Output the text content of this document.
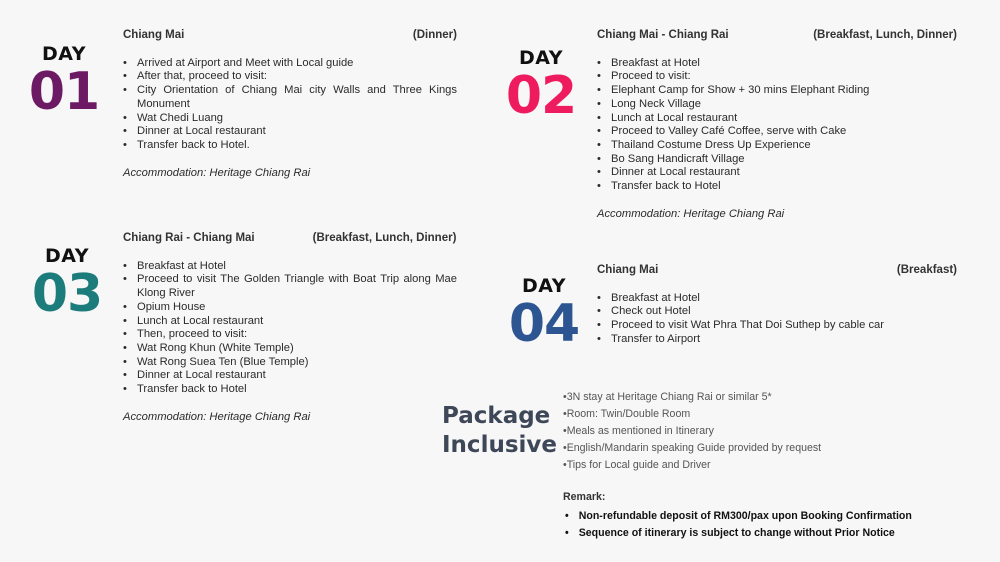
DAY
01
Chiang Mai	(Dinner)
• Arrived at Airport and Meet with Local guide
• After that, proceed to visit:
• City Orientation of Chiang Mai city Walls and Three Kings Monument
• Wat Chedi Luang
• Dinner at Local restaurant
• Transfer back to Hotel.
Accommodation: Heritage Chiang Rai
DAY
02
Chiang Mai - Chiang Rai	(Breakfast, Lunch, Dinner)
• Breakfast at Hotel
• Proceed to visit:
• Elephant Camp for Show + 30 mins Elephant Riding
• Long Neck Village
• Lunch at Local restaurant
• Proceed to Valley Café Coffee, serve with Cake
• Thailand Costume Dress Up Experience
• Bo Sang Handicraft Village
• Dinner at Local restaurant
• Transfer back to Hotel
Accommodation: Heritage Chiang Rai
DAY
03
Chiang Rai - Chiang Mai	(Breakfast, Lunch, Dinner)
• Breakfast at Hotel
• Proceed to visit The Golden Triangle with Boat Trip along Mae Klong River
• Opium House
• Lunch at Local restaurant
• Then, proceed to visit:
• Wat Rong Khun (White Temple)
• Wat Rong Suea Ten (Blue Temple)
• Dinner at Local restaurant
• Transfer back to Hotel
Accommodation: Heritage Chiang Rai
DAY
04
Chiang Mai	(Breakfast)
• Breakfast at Hotel
• Check out Hotel
• Proceed to visit Wat Phra That Doi Suthep by cable car
• Transfer to Airport
Package
Inclusive
•3N stay at Heritage Chiang Rai or similar 5*
•Room: Twin/Double Room
•Meals as mentioned in Itinerary
•English/Mandarin speaking Guide provided by request
•Tips for Local guide and Driver
Remark:
• Non-refundable deposit of RM300/pax upon Booking Confirmation
• Sequence of itinerary is subject to change without Prior Notice
